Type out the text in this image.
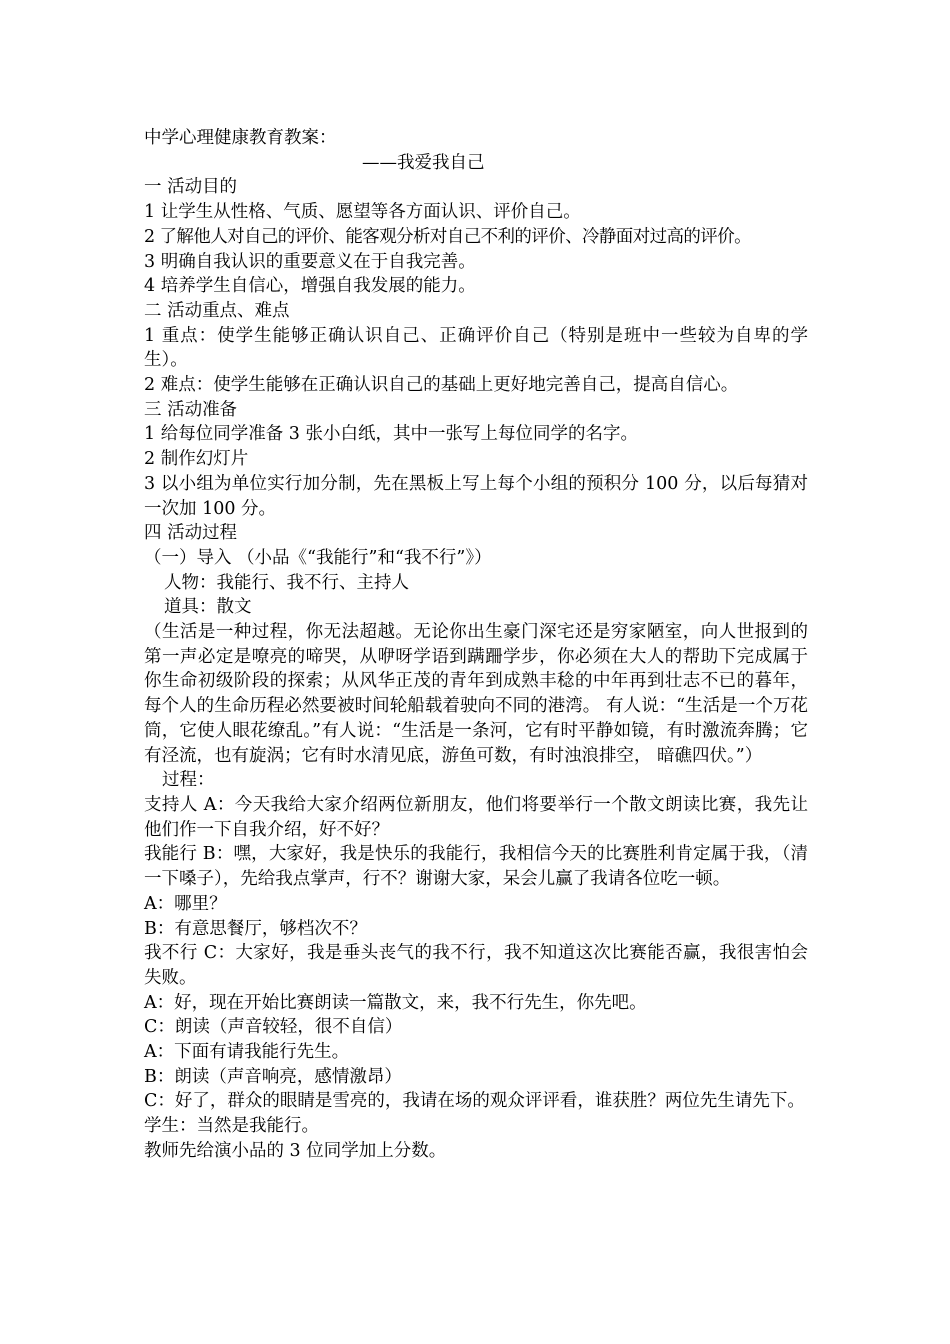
中学心理健康教育教案：
——我爱我自己
一 活动目的
1 让学生从性格、气质、愿望等各方面认识、评价自己。
2 了解他人对自己的评价、能客观分析对自己不利的评价、冷静面对过高的评价。
3 明确自我认识的重要意义在于自我完善。
4 培养学生自信心，增强自我发展的能力。
二 活动重点、难点
1 重点：使学生能够正确认识自己、正确评价自己（特别是班中一些较为自卑的学生）。
2 难点：使学生能够在正确认识自己的基础上更好地完善自己，提高自信心。
三 活动准备
1 给每位同学准备 3 张小白纸，其中一张写上每位同学的名字。
2 制作幻灯片
3 以小组为单位实行加分制，先在黑板上写上每个小组的预积分 100 分，以后每猜对一次加 100 分。
四 活动过程
（一）导入 （小品《“我能行”和“我不行”》）
人物：我能行、我不行、主持人
道具：散文
（生活是一种过程，你无法超越。无论你出生豪门深宅还是穷家陋室，向人世报到的第一声必定是嘹亮的啼哭，从咿呀学语到蹒跚学步，你必须在大人的帮助下完成属于你生命初级阶段的探索；从风华正茂的青年到成熟丰稔的中年再到壮志不已的暮年，每个人的生命历程必然要被时间轮船载着驶向不同的港湾。 有人说：“生活是一个万花筒，它使人眼花缭乱。”有人说：“生活是一条河，它有时平静如镜，有时激流奔腾；它有泾流，也有旋涡；它有时水清见底，游鱼可数，有时浊浪排空， 暗礁四伏。”）
过程：
支持人 A：今天我给大家介绍两位新朋友，他们将要举行一个散文朗读比赛，我先让他们作一下自我介绍，好不好？
我能行 B：嘿，大家好，我是快乐的我能行，我相信今天的比赛胜利肯定属于我，（清一下嗓子），先给我点掌声，行不？谢谢大家，呆会儿赢了我请各位吃一顿。
A：哪里？
B：有意思餐厅，够档次不？
我不行 C：大家好，我是垂头丧气的我不行，我不知道这次比赛能否赢，我很害怕会失败。
A：好，现在开始比赛朗读一篇散文，来，我不行先生，你先吧。
C：朗读（声音较轻，很不自信）
A：下面有请我能行先生。
B：朗读（声音响亮，感情激昂）
C：好了，群众的眼睛是雪亮的，我请在场的观众评评看，谁获胜？两位先生请先下。
学生：当然是我能行。
教师先给演小品的 3 位同学加上分数。
